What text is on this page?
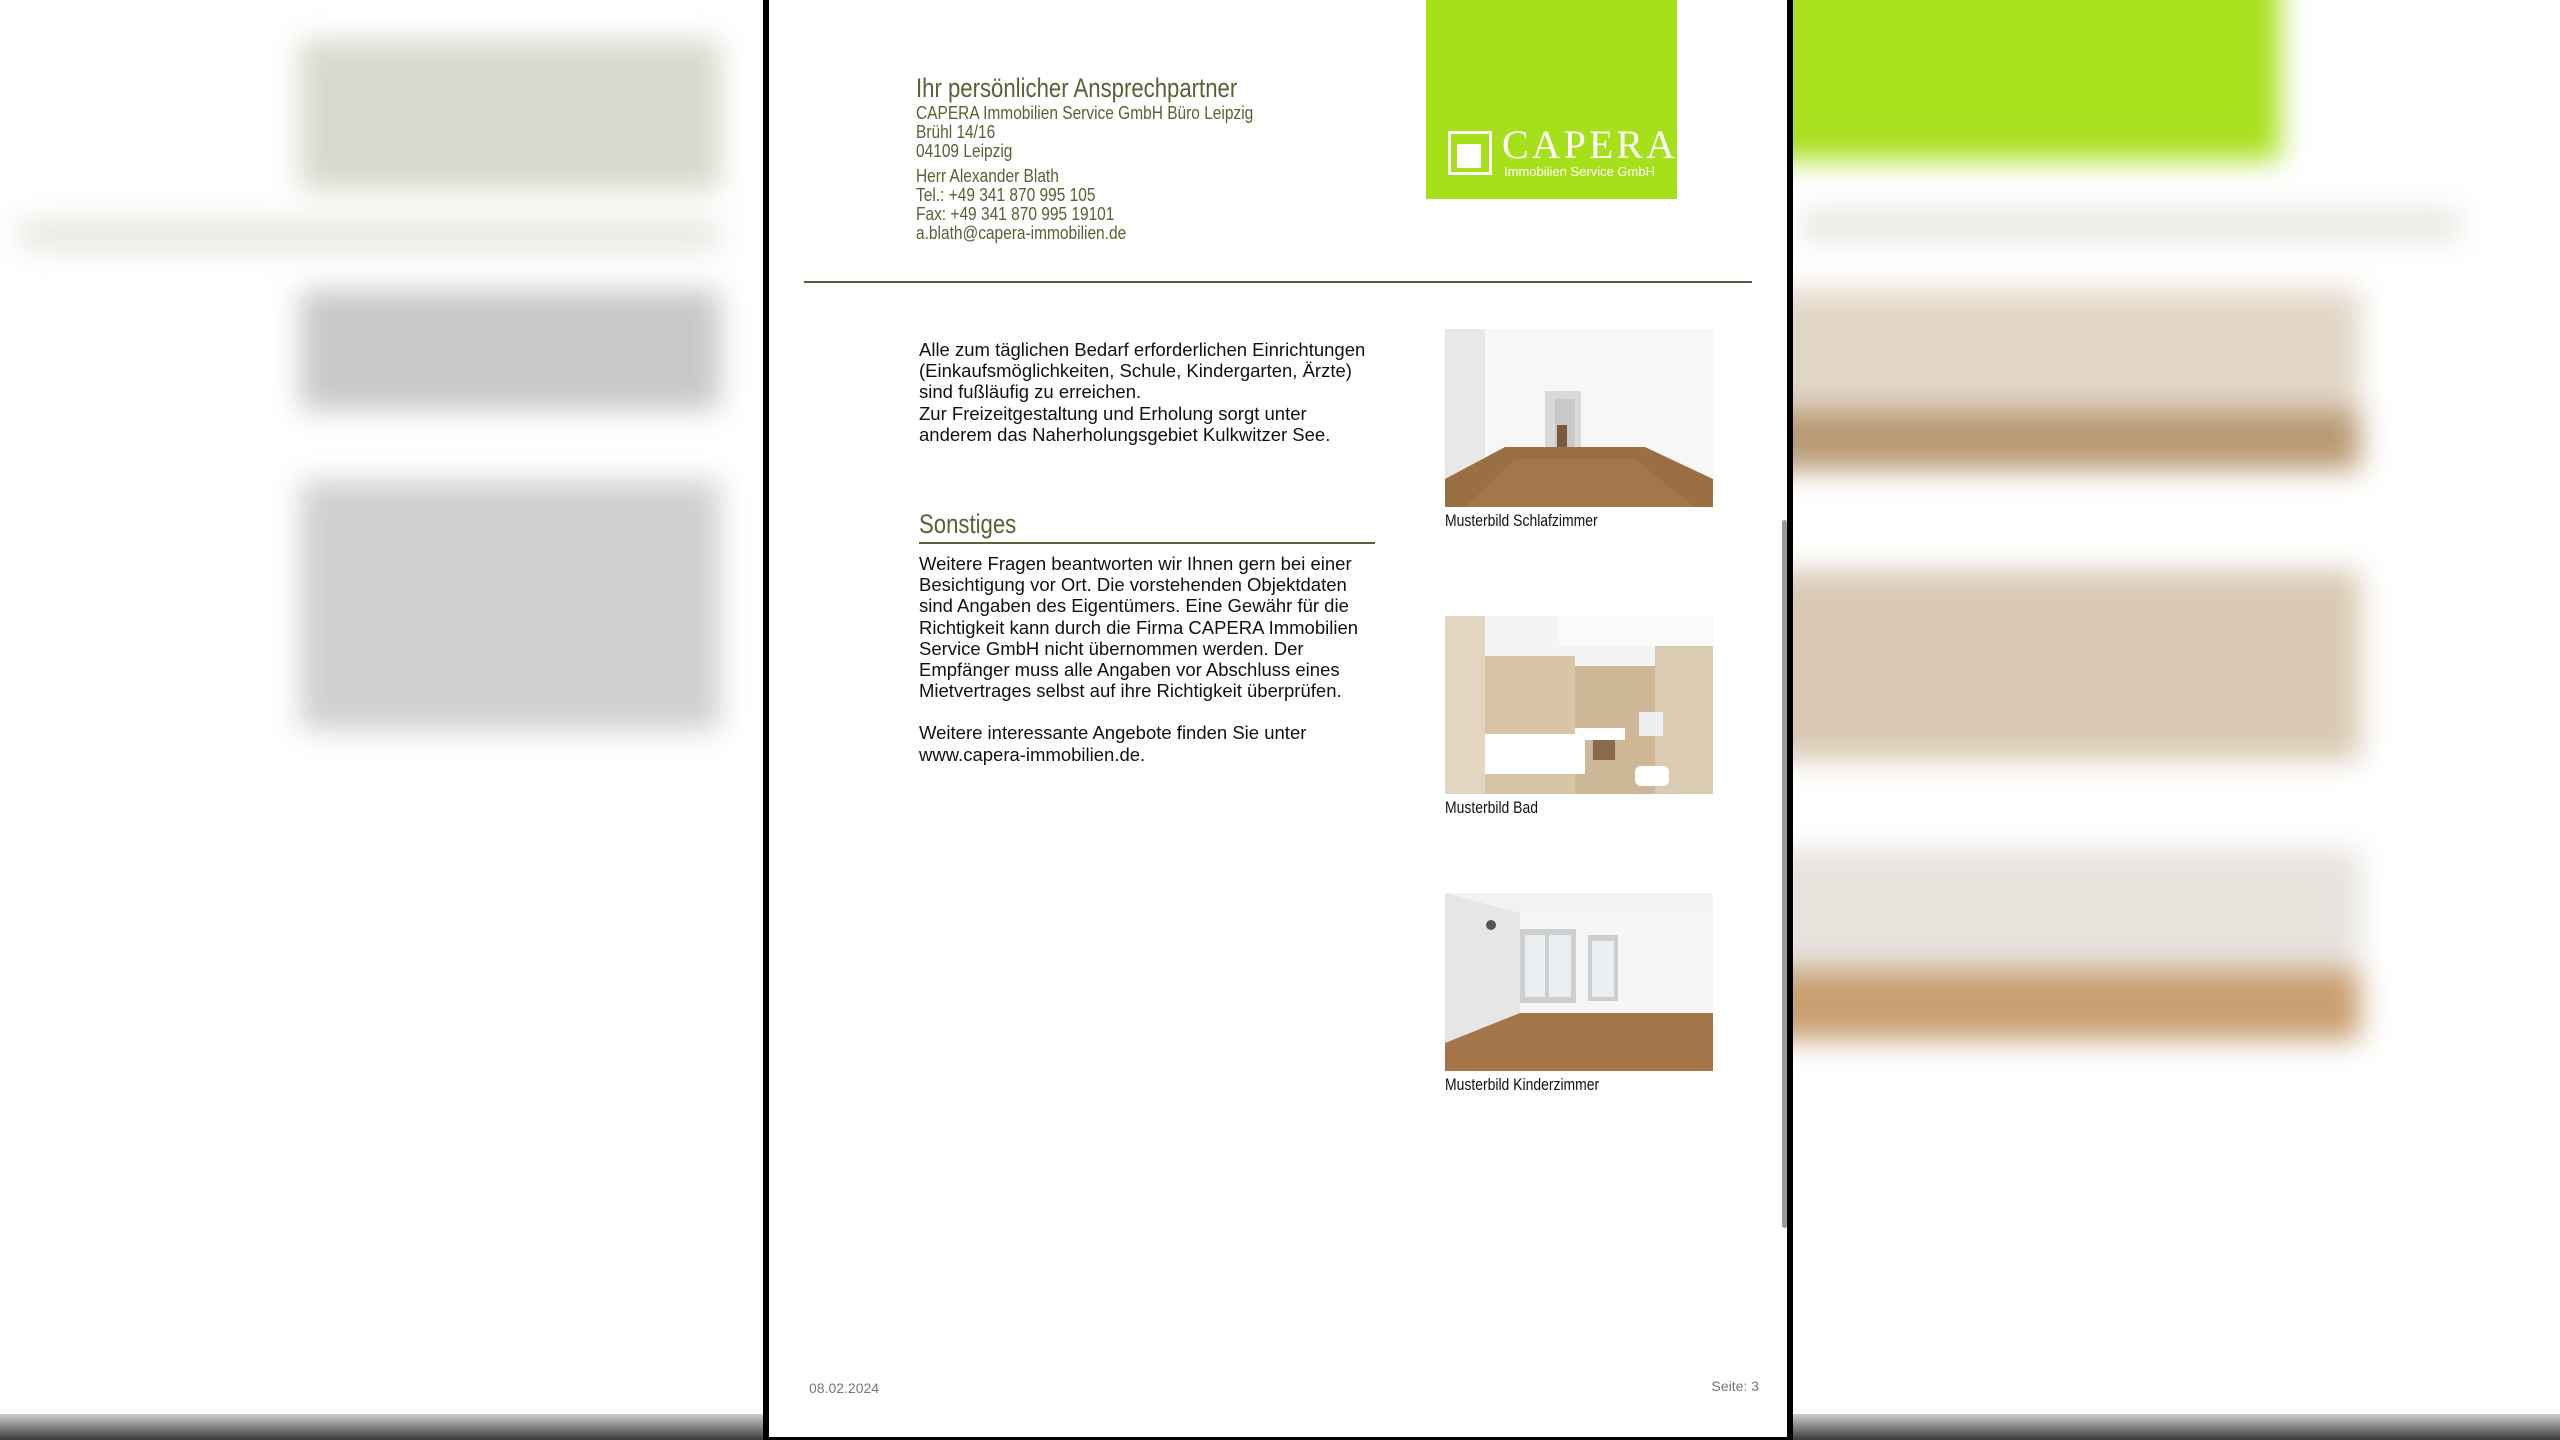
Ihr persönlicher Ansprechpartner
CAPERA Immobilien Service GmbH Büro Leipzig
Brühl 14/16
04109 Leipzig
Herr Alexander Blath
Tel.: +49 341 870 995 105
Fax: +49 341 870 995 19101
a.blath@capera-immobilien.de
CAPERA
Immobilien Service GmbH

Alle zum täglichen Bedarf erforderlichen Einrichtungen (Einkaufsmöglichkeiten, Schule, Kindergarten, Ärzte) sind fußläufig zu erreichen.

Zur Freizeitgestaltung und Erholung sorgt unter anderem das Naherholungsgebiet Kulkwitzer See.

Sonstiges

Weitere Fragen beantworten wir Ihnen gern bei einer Besichtigung vor Ort. Die vorstehenden Objektdaten sind Angaben des Eigentümers. Eine Gewähr für die Richtigkeit kann durch die Firma CAPERA Immobilien Service GmbH nicht übernommen werden. Der Empfänger muss alle Angaben vor Abschluss eines Mietvertrages selbst auf ihre Richtigkeit überprüfen.

Weitere interessante Angebote finden Sie unter www.capera-immobilien.de.

Musterbild Schlafzimmer
Musterbild Bad
Musterbild Kinderzimmer
08.02.2024	Seite: 3
